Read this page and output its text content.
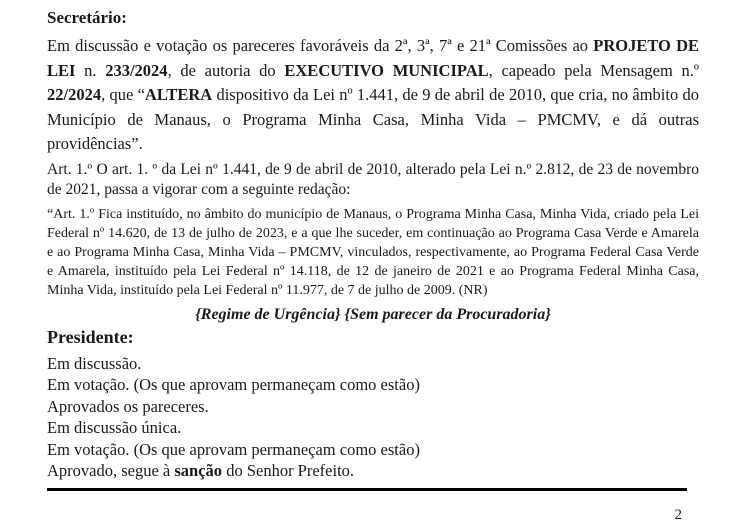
Secretário:

Em discussão e votação os pareceres favoráveis da 2ª, 3ª, 7ª e 21ª Comissões ao PROJETO DE LEI n. 233/2024, de autoria do EXECUTIVO MUNICIPAL, capeado pela Mensagem n.º 22/2024, que “ALTERA dispositivo da Lei nº 1.441, de 9 de abril de 2010, que cria, no âmbito do Município de Manaus, o Programa Minha Casa, Minha Vida – PMCMV, e dá outras providências”.

Art. 1.º O art. 1. º da Lei nº 1.441, de 9 de abril de 2010, alterado pela Lei n.º 2.812, de 23 de novembro de 2021, passa a vigorar com a seguinte redação:

“Art. 1.º Fica instituído, no âmbito do município de Manaus, o Programa Minha Casa, Minha Vida, criado pela Lei Federal nº 14.620, de 13 de julho de 2023, e a que lhe suceder, em continuação ao Programa Casa Verde e Amarela e ao Programa Minha Casa, Minha Vida – PMCMV, vinculados, respectivamente, ao Programa Federal Casa Verde e Amarela, instituído pela Lei Federal nº 14.118, de 12 de janeiro de 2021 e ao Programa Federal Minha Casa, Minha Vida, instituído pela Lei Federal nº 11.977, de 7 de julho de 2009. (NR)

{Regime de Urgência} {Sem parecer da Procuradoria}
Presidente:
Em discussão.
Em votação. (Os que aprovam permaneçam como estão)
Aprovados os pareceres.
Em discussão única.
Em votação. (Os que aprovam permaneçam como estão)
Aprovado, segue à sanção do Senhor Prefeito.
2
